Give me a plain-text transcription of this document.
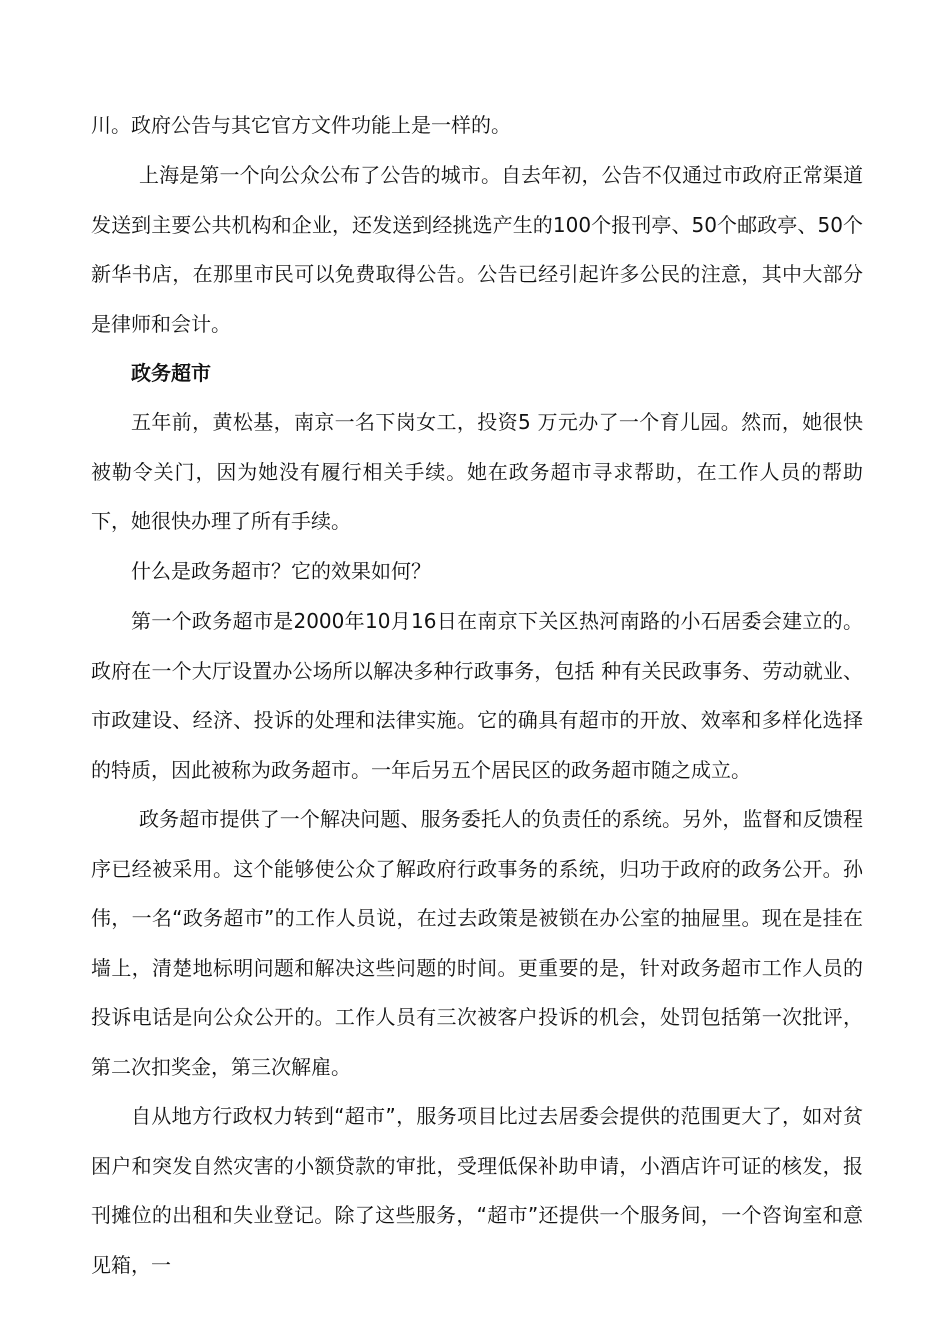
川。政府公告与其它官方文件功能上是一样的。

上海是第一个向公众公布了公告的城市。自去年初，公告不仅通过市政府正常渠道发送到主要公共机构和企业，还发送到经挑选产生的100个报刊亭、50个邮政亭、50个新华书店，在那里市民可以免费取得公告。公告已经引起许多公民的注意，其中大部分是律师和会计。

政务超市

五年前，黄松基，南京一名下岗女工，投资5 万元办了一个育儿园。然而，她很快被勒令关门，因为她没有履行相关手续。她在政务超市寻求帮助，在工作人员的帮助下，她很快办理了所有手续。

什么是政务超市？它的效果如何？

第一个政务超市是2000年10月16日在南京下关区热河南路的小石居委会建立的。政府在一个大厅设置办公场所以解决多种行政事务，包括 种有关民政事务、劳动就业、市政建设、经济、投诉的处理和法律实施。它的确具有超市的开放、效率和多样化选择的特质，因此被称为政务超市。一年后另五个居民区的政务超市随之成立。

政务超市提供了一个解决问题、服务委托人的负责任的系统。另外，监督和反馈程序已经被采用。这个能够使公众了解政府行政事务的系统，归功于政府的政务公开。孙伟，一名“政务超市”的工作人员说，在过去政策是被锁在办公室的抽屉里。现在是挂在墙上，清楚地标明问题和解决这些问题的时间。更重要的是，针对政务超市工作人员的投诉电话是向公众公开的。工作人员有三次被客户投诉的机会，处罚包括第一次批评，第二次扣奖金，第三次解雇。

自从地方行政权力转到“超市”，服务项目比过去居委会提供的范围更大了，如对贫困户和突发自然灾害的小额贷款的审批，受理低保补助申请，小酒店许可证的核发，报刊摊位的出租和失业登记。除了这些服务，“超市”还提供一个服务间，一个咨询室和意见箱，一
